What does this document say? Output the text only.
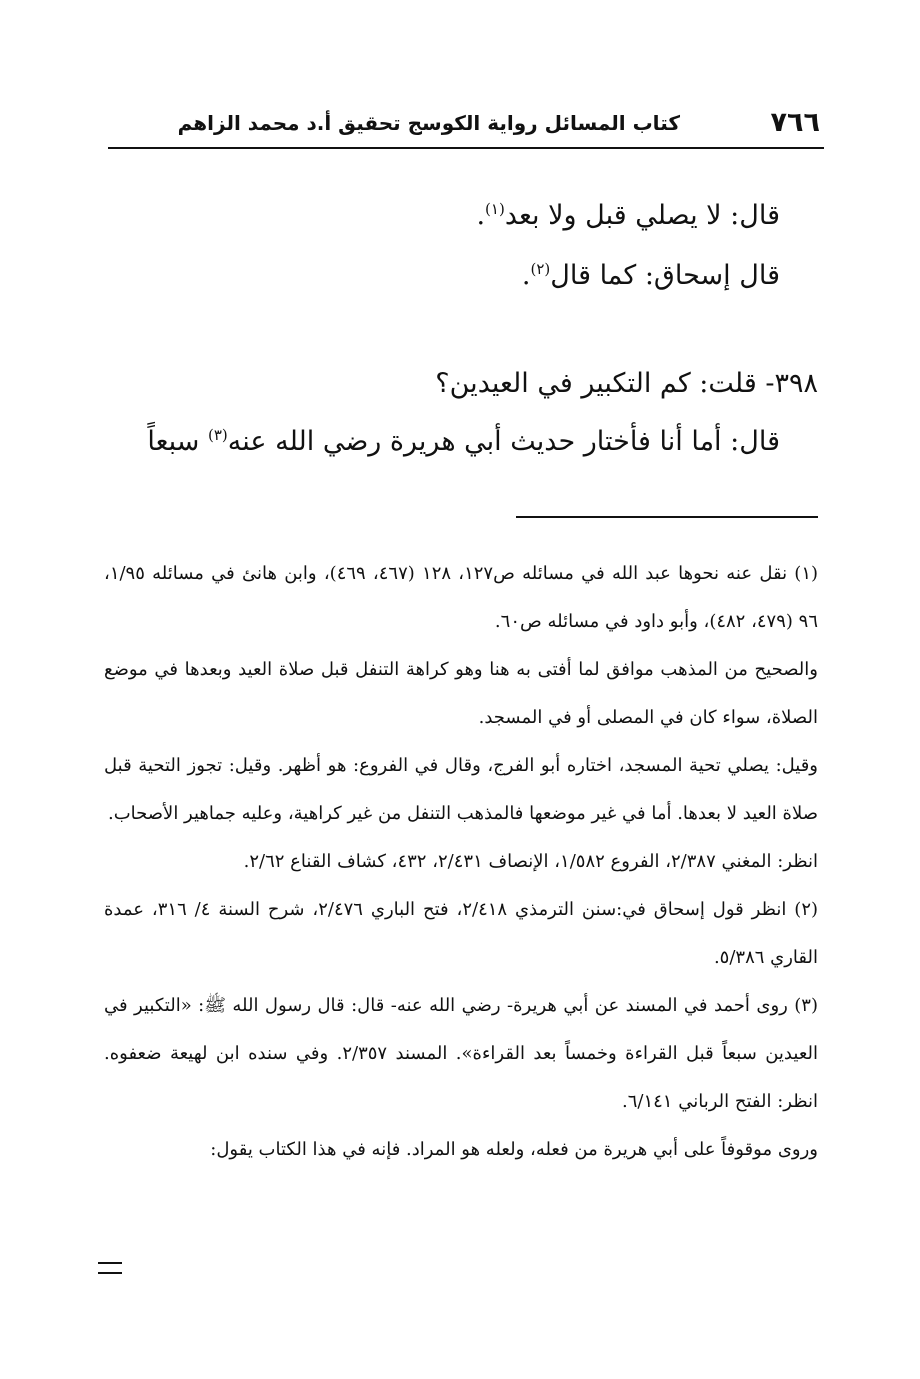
٧٦٦
كتاب المسائل رواية الكوسج تحقيق أ.د محمد الزاهم
قال: لا يصلي قبل ولا بعد$^{(١)}$.
قال إسحاق: كما قال$^{(٢)}$.
٣٩٨- قلت: كم التكبير في العيدين؟
قال: أما أنا فأختار حديث أبي هريرة رضي الله عنه$^{(٣)}$ سبعاً

(١) نقل عنه نحوها عبد الله في مسائله ص١٢٧، ١٢٨ (٤٦٧، ٤٦٩)، وابن هانئ في مسائله ١/٩٥، ٩٦ (٤٧٩، ٤٨٢)، وأبو داود في مسائله ص٦٠.

والصحيح من المذهب موافق لما أفتى به هنا وهو كراهة التنفل قبل صلاة العيد وبعدها في موضع الصلاة، سواء كان في المصلى أو في المسجد.

وقيل: يصلي تحية المسجد، اختاره أبو الفرج، وقال في الفروع: هو أظهر. وقيل: تجوز التحية قبل صلاة العيد لا بعدها. أما في غير موضعها فالمذهب التنفل من غير كراهية، وعليه جماهير الأصحاب.

انظر: المغني ٢/٣٨٧، الفروع ١/٥٨٢، الإنصاف ٢/٤٣١، ٤٣٢، كشاف القناع ٢/٦٢.

(٢) انظر قول إسحاق في:سنن الترمذي ٢/٤١٨، فتح الباري ٢/٤٧٦، شرح السنة ٤/ ٣١٦، عمدة القاري ٥/٣٨٦.

(٣) روى أحمد في المسند عن أبي هريرة- رضي الله عنه- قال: قال رسول الله ﷺ: «التكبير في العيدين سبعاً قبل القراءة وخمساً بعد القراءة». المسند ٢/٣٥٧. وفي سنده ابن لهيعة ضعفوه. انظر: الفتح الرباني ٦/١٤١.

وروى موقوفاً على أبي هريرة من فعله، ولعله هو المراد. فإنه في هذا الكتاب يقول:
